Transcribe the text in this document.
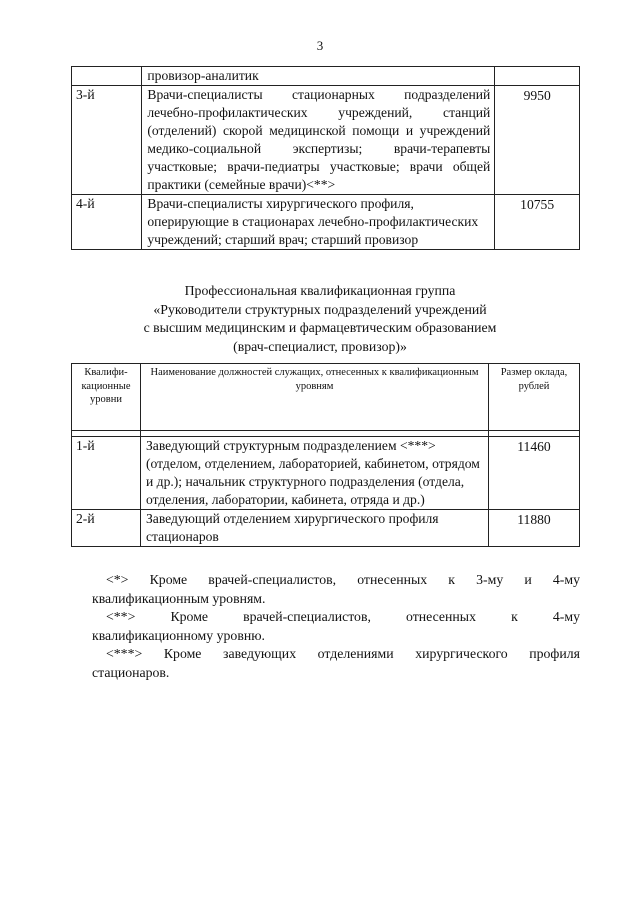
3
	провизор-аналитик	
3-й	Врачи-специалисты стационарных подразделений лечебно-профилактических учреждений, станций (отделений) скорой медицинской помощи и учреждений медико-социальной экспертизы; врачи-терапевты участковые; врачи-педиатры участковые; врачи общей практики (семейные врачи)<**>	9950
4-й	Врачи-специалисты хирургического профиля, оперирующие в стационарах лечебно-профилактических учреждений; старший врач; старший провизор	10755
Профессиональная квалификационная группа
«Руководители структурных подразделений учреждений
с высшим медицинским и фармацевтическим образованием
(врач-специалист, провизор)»
Квалифи-кационные уровни	Наименование должностей служащих, отнесенных к квалификационным уровням	Размер оклада, рублей

1-й	Заведующий структурным подразделением <***>(отделом, отделением, лабораторией, кабинетом, отрядом и др.); начальник структурного подразделения (отдела, отделения, лаборатории, кабинета, отряда и др.)	11460
2-й	Заведующий отделением хирургического профиля стационаров	11880
<*> Кроме врачей-специалистов, отнесенных к 3-му и 4-му
квалификационным уровням.
<**> Кроме врачей-специалистов, отнесенных к 4-му
квалификационному уровню.
<***> Кроме заведующих отделениями хирургического профиля
стационаров.
